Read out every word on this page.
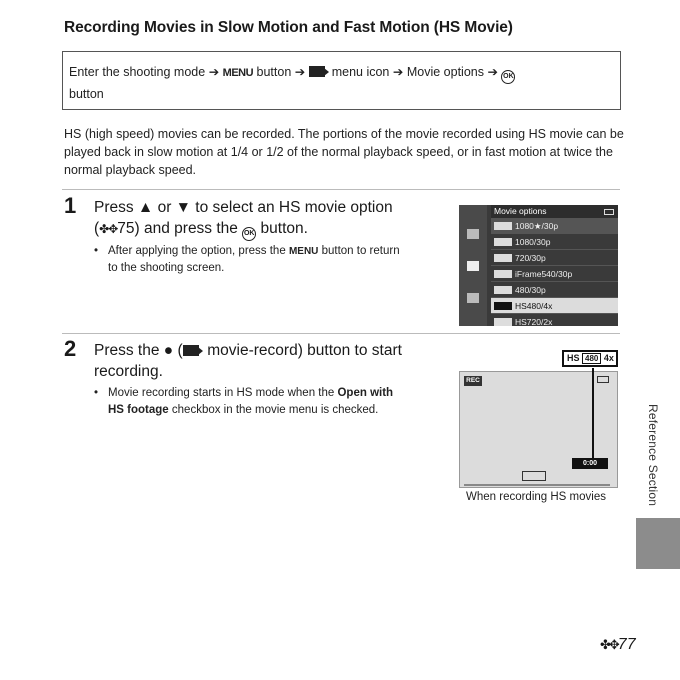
Recording Movies in Slow Motion and Fast Motion (HS Movie)
Enter the shooting mode ➔ MENU button ➔ menu icon ➔ Movie options ➔ OK
button
HS (high speed) movies can be recorded. The portions of the movie recorded using HS movie can be played back in slow motion at 1/4 or 1/2 of the normal playback speed, or in fast motion at twice the normal playback speed.
1 Press ▲ or ▼ to select an HS movie option
(✤✥75) and press the OK button.
• After applying the option, press the MENU button to return
to the shooting screen.
Movie options
1080★/30p
1080/30p
720/30p
iFrame540/30p
480/30p
HS480/4x
HS720/2x
2 Press the ● ( movie-record) button to start
recording.
• Movie recording starts in HS mode when the Open with
HS footage checkbox in the movie menu is checked.
HS 480 4x
REC
0:00
When recording HS movies	Reference Section
✤✥77
